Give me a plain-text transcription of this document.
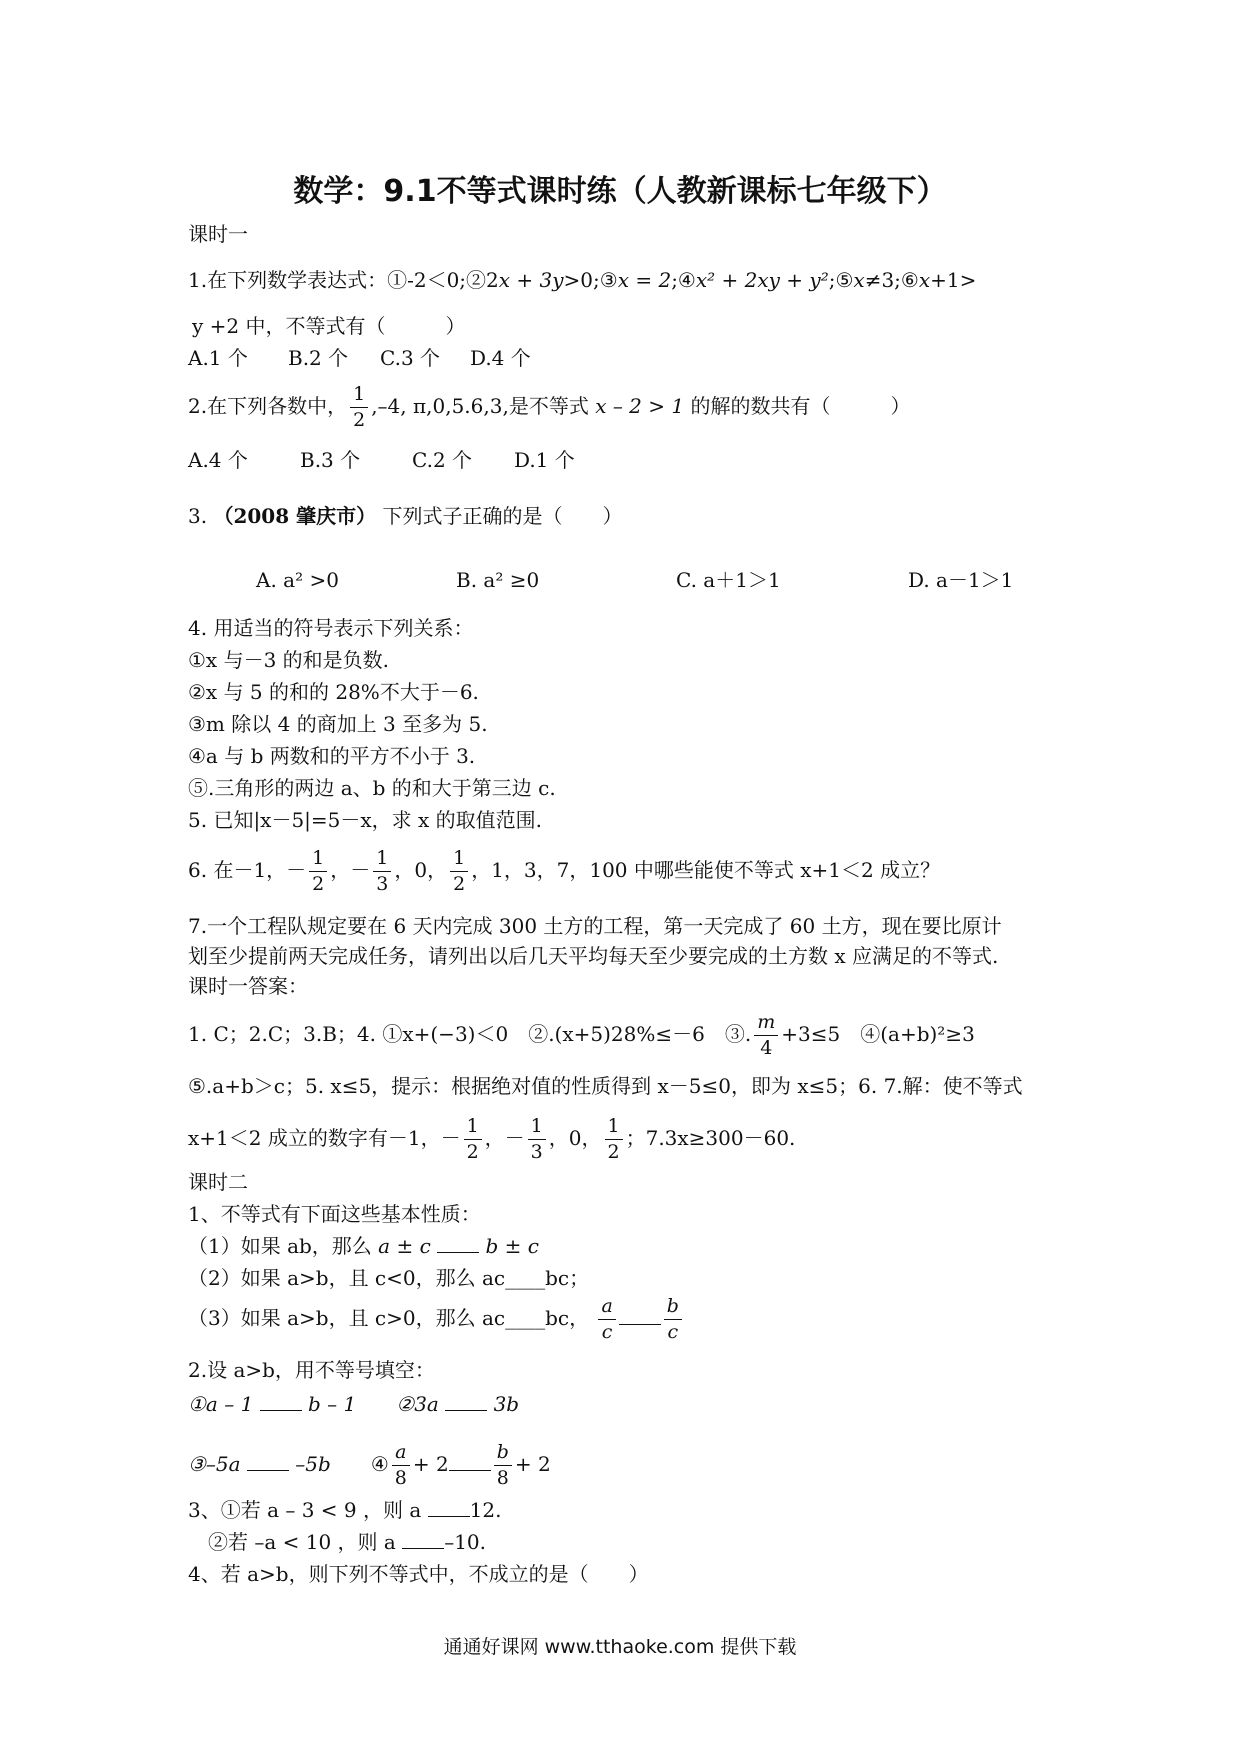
数学：9.1不等式课时练（人教新课标七年级下）
课时一
1.在下列数学表达式：①-2＜0;②2x + 3y>0;③x = 2;④x² + 2xy + y²;⑤x≠3;⑥x+1>
y +2 中，不等式有（　　　）
A.1 个 B.2 个 C.3 个 D.4 个
2.在下列各数中， $\frac{1}{2} ,-4$, π,0,5.6,3,是不等式 x – 2 > 1 的解的数共有（　　　）
A.4 个	B.3 个	C.2 个 D.1 个
3. （2008 肇庆市） 下列式子正确的是（　　）
A. a² >0	B. a² ≥0	C. a＋1＞1	D. a－1＞1
4. 用适当的符号表示下列关系：
①x 与－3 的和是负数.
②x 与 5 的和的 28%不大于－6.
③m 除以 4 的商加上 3 至多为 5.
④a 与 b 两数和的平方不小于 3.
⑤.三角形的两边 a、b 的和大于第三边 c.
5. 已知|x－5|=5－x，求 x 的取值范围.
6. 在－1，－ $\frac{1}{2}$ ，－ $\frac{1}{3}$ ，0， $\frac{1}{2}$ ，1，3，7，100 中哪些能使不等式 x+1＜2 成立？
7.一个工程队规定要在 6 天内完成 300 土方的工程，第一天完成了 60 土方，现在要比原计
划至少提前两天完成任务，请列出以后几天平均每天至少要完成的土方数 x 应满足的不等式.
课时一答案：
1. C；2.C；3.B；4. ①x+(−3)＜0　②.(x+5)28%≤－6　③. $\frac{m}{4} +3\le 5$　④(a+b)²≥3
⑤.a+b＞c；5. x≤5，提示：根据绝对值的性质得到 x－5≤0，即为 x≤5；6. 7.解：使不等式
x+1＜2 成立的数字有－1，－ $\frac{1}{2}$ ，－ $\frac{1}{3}$ ，0， $\frac{1}{2}$ ；7.3x≥300－60.
课时二
1、不等式有下面这些基本性质：
（1）如果 ab，那么 a ± c	b ± c
（2）如果 a>b，且 c<0，那么 ac____bc；
（3）如果 a>b，且 c>0，那么 ac____bc， $\frac{a}{c}$	$\frac{b}{c}$
2.设 a>b，用不等号填空：
①a – 1	b – 1 ②3a	3b
③–5a	–5b ④ $\frac{a}{8} + 2 \frac{b}{8} + 2$
3、①若 a – 3 < 9 ，则 a 12.
②若 –a < 10 ，则 a –10.
4、若 a>b，则下列不等式中，不成立的是（　　）
通通好课网 www.tthaoke.com 提供下载
